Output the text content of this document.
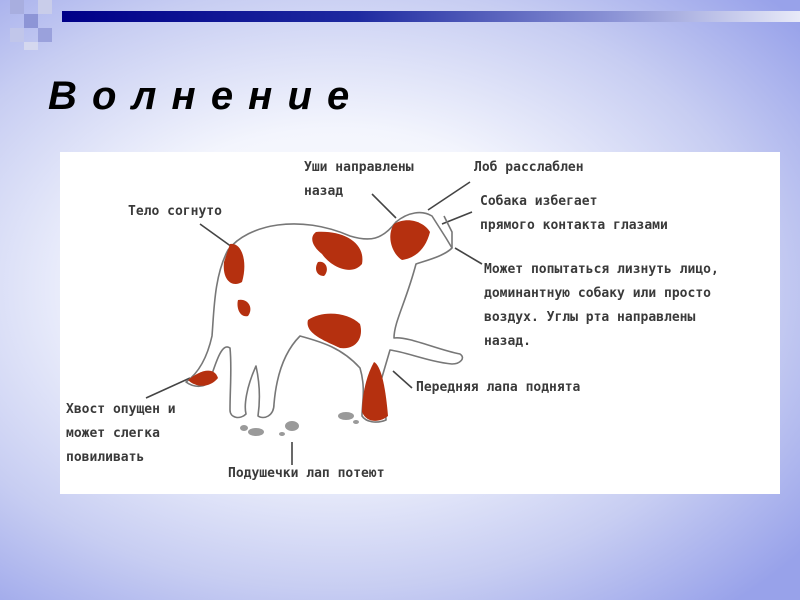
В о л н е н и е

Тело согнуто

Уши направлены
назад

Лоб расслаблен

Собака избегает
прямого контакта глазами

Может попытаться лизнуть лицо,
доминантную собаку или просто
воздух. Углы рта направлены
назад.

Передняя лапа поднята

Хвост опущен и
может слегка
повиливать

Подушечки лап потеют
